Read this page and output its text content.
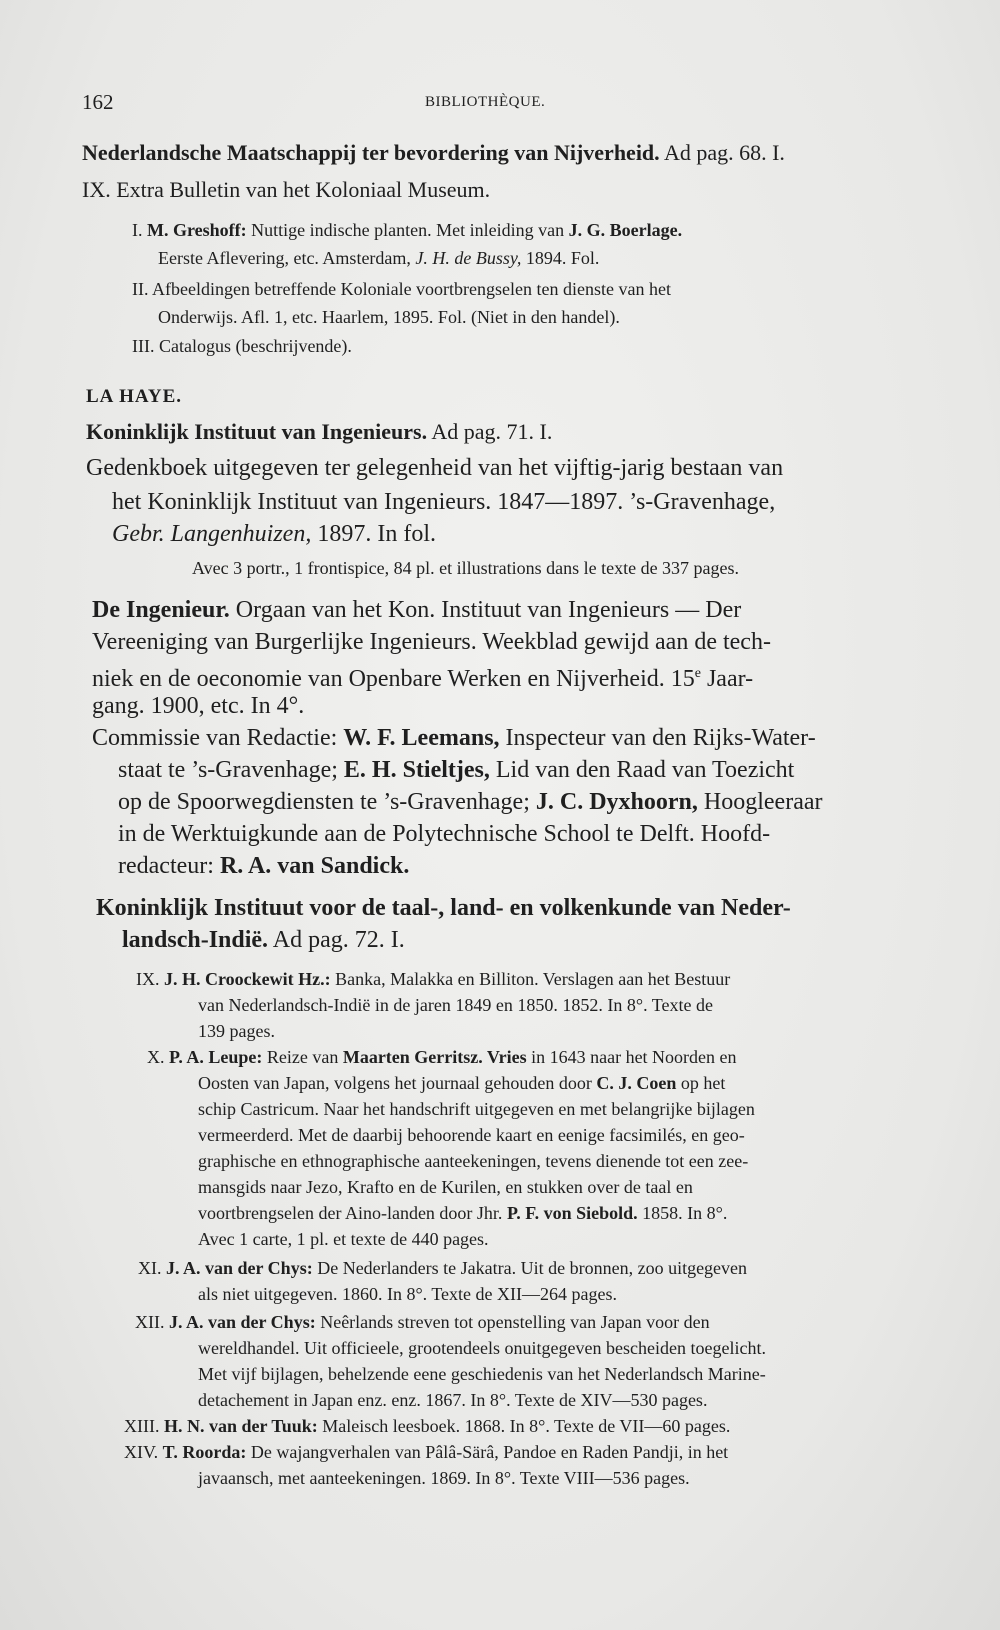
162	BIBLIOTHÈQUE.
Nederlandsche Maatschappij ter bevordering van Nijverheid. Ad pag. 68. I.
IX. Extra Bulletin van het Koloniaal Museum.
I. M. Greshoff: Nuttige indische planten. Met inleiding van J. G. Boerlage.
Eerste Aflevering, etc. Amsterdam, J. H. de Bussy, 1894. Fol.
II. Afbeeldingen betreffende Koloniale voortbrengselen ten dienste van het
Onderwijs. Afl. 1, etc. Haarlem, 1895. Fol. (Niet in den handel).
III. Catalogus (beschrijvende).
LA HAYE.
Koninklijk Instituut van Ingenieurs. Ad pag. 71. I.
Gedenkboek uitgegeven ter gelegenheid van het vijftig-jarig bestaan van
het Koninklijk Instituut van Ingenieurs. 1847—1897. ’s-Gravenhage,
Gebr. Langenhuizen, 1897. In fol.
Avec 3 portr., 1 frontispice, 84 pl. et illustrations dans le texte de 337 pages.
De Ingenieur. Orgaan van het Kon. Instituut van Ingenieurs — Der
Vereeniging van Burgerlijke Ingenieurs. Weekblad gewijd aan de tech-
niek en de oeconomie van Openbare Werken en Nijverheid. 15e Jaar-
gang. 1900, etc. In 4°.
Commissie van Redactie: W. F. Leemans, Inspecteur van den Rijks-Water-
staat te ’s-Gravenhage; E. H. Stieltjes, Lid van den Raad van Toezicht
op de Spoorwegdiensten te ’s-Gravenhage; J. C. Dyxhoorn, Hoogleeraar
in de Werktuigkunde aan de Polytechnische School te Delft. Hoofd-
redacteur: R. A. van Sandick.
Koninklijk Instituut voor de taal-, land- en volkenkunde van Neder-
landsch-Indië. Ad pag. 72. I.
IX. J. H. Croockewit Hz.: Banka, Malakka en Billiton. Verslagen aan het Bestuur
van Nederlandsch-Indië in de jaren 1849 en 1850. 1852. In 8°. Texte de
139 pages.
X. P. A. Leupe: Reize van Maarten Gerritsz. Vries in 1643 naar het Noorden en
Oosten van Japan, volgens het journaal gehouden door C. J. Coen op het
schip Castricum. Naar het handschrift uitgegeven en met belangrijke bijlagen
vermeerderd. Met de daarbij behoorende kaart en eenige facsimilés, en geo-
graphische en ethnographische aanteekeningen, tevens dienende tot een zee-
mansgids naar Jezo, Krafto en de Kurilen, en stukken over de taal en
voortbrengselen der Aino-landen door Jhr. P. F. von Siebold. 1858. In 8°.
Avec 1 carte, 1 pl. et texte de 440 pages.
XI. J. A. van der Chys: De Nederlanders te Jakatra. Uit de bronnen, zoo uitgegeven
als niet uitgegeven. 1860. In 8°. Texte de XII—264 pages.
XII. J. A. van der Chys: Neêrlands streven tot openstelling van Japan voor den
wereldhandel. Uit officieele, grootendeels onuitgegeven bescheiden toegelicht.
Met vijf bijlagen, behelzende eene geschiedenis van het Nederlandsch Marine-
detachement in Japan enz. enz. 1867. In 8°. Texte de XIV—530 pages.
XIII. H. N. van der Tuuk: Maleisch leesboek. 1868. In 8°. Texte de VII—60 pages.
XIV. T. Roorda: De wajangverhalen van Pâlâ-Särâ, Pandoe en Raden Pandji, in het
javaansch, met aanteekeningen. 1869. In 8°. Texte VIII—536 pages.
